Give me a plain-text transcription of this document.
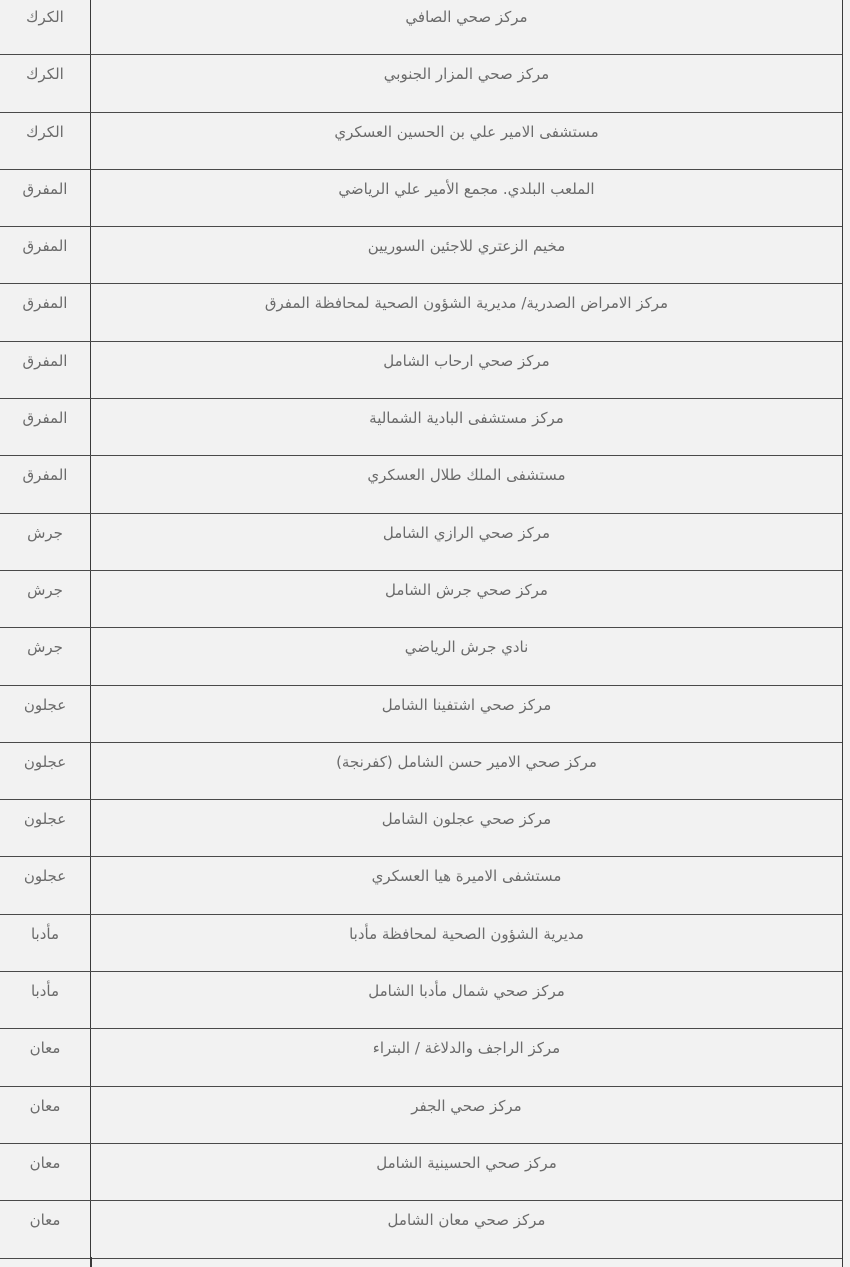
الكرك	مركز صحي الصافي

الكرك	مركز صحي المزار الجنوبي

الكرك	مستشفى الامير علي بن الحسين العسكري

المفرق	الملعب البلدي. مجمع الأمير علي الرياضي

المفرق	مخيم الزعتري للاجئين السوريين

المفرق	مركز الامراض الصدرية/ مديرية الشؤون الصحية لمحافظة المفرق

المفرق	مركز صحي ارحاب الشامل

المفرق	مركز مستشفى البادية الشمالية

المفرق	مستشفى الملك طلال العسكري

جرش	مركز صحي الرازي الشامل

جرش	مركز صحي جرش الشامل

جرش	نادي جرش الرياضي

عجلون	مركز صحي اشتفينا الشامل

عجلون	مركز صحي الامير حسن الشامل (كفرنجة)

عجلون	مركز صحي عجلون الشامل

عجلون	مستشفى الاميرة هيا العسكري

مأدبا	مديرية الشؤون الصحية لمحافظة مأدبا

مأدبا	مركز صحي شمال مأدبا الشامل

معان	مركز الراجف والدلاغة / البتراء

معان	مركز صحي الجفر

معان	مركز صحي الحسينية الشامل

معان	مركز صحي معان الشامل
